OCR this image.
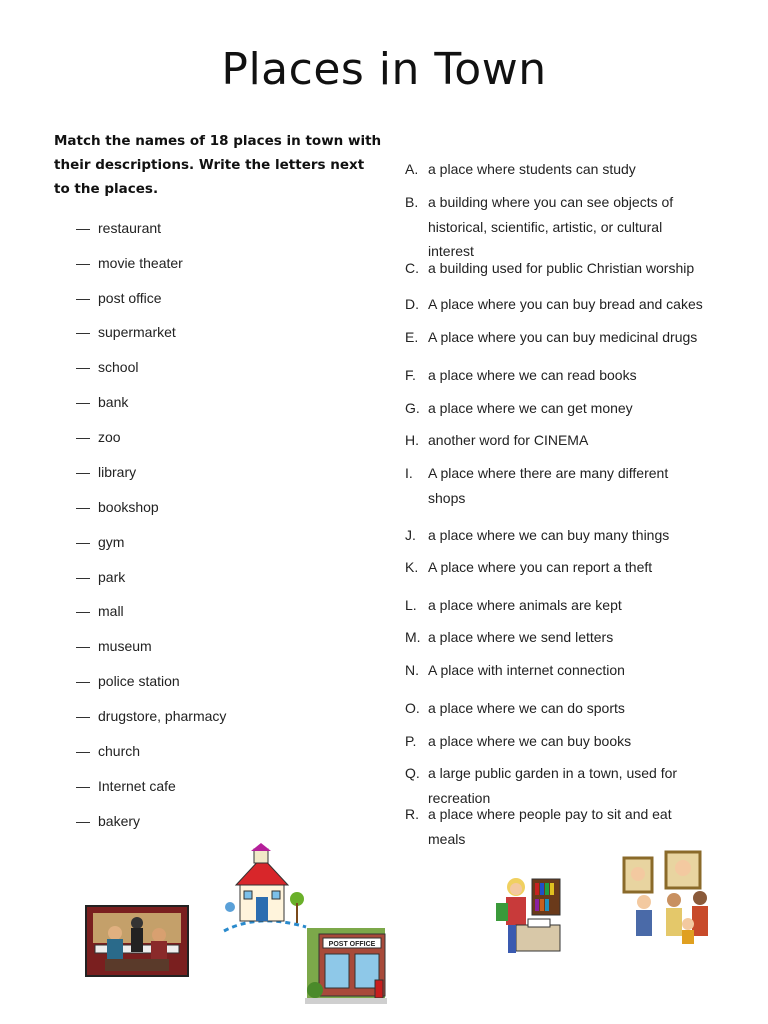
Places in Town
Match the names of 18 places in town with their descriptions. Write the letters next to the places.
— restaurant
— movie theater
— post office
— supermarket
— school
— bank
— zoo
— library
— bookshop
— gym
— park
— mall
— museum
— police station
— drugstore, pharmacy
— church
— Internet cafe
— bakery
A. a place where students can study
B. a building where you can see objects of historical, scientific, artistic, or cultural interest
C. a building used for public Christian worship
D. A place where you can buy bread and cakes
E. A place where you can buy medicinal drugs
F. a place where we can read books
G. a place where we can get money
H. another word for CINEMA
I.	A place where there are many different shops
J. a place where we can buy many things
K. A place where you can report a theft
L. a place where animals are kept
M. a place where we send letters
N. A place with internet connection
O. a place where we can do sports
P. a place where we can buy books
Q. a large public garden in a town, used for recreation
R. a place where people pay to sit and eat meals
POST OFFICE
